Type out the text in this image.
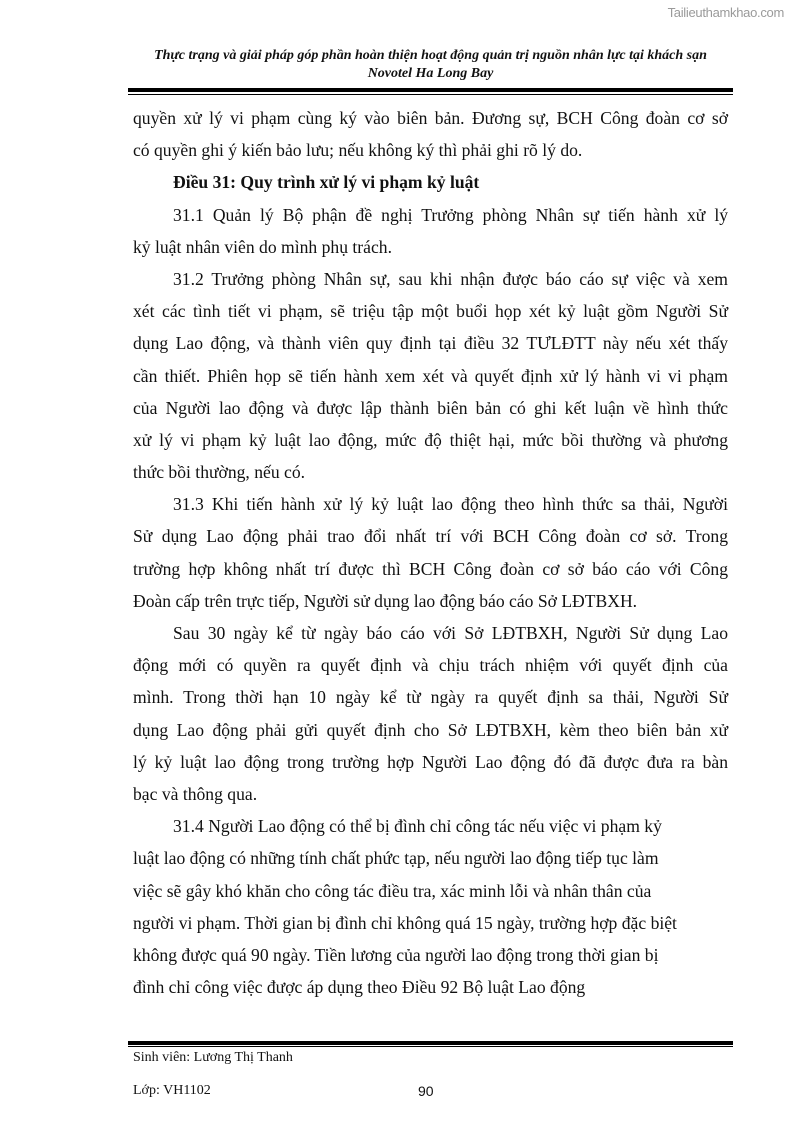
Tailieuthamkhao.com
Thực trạng và giải pháp góp phần hoàn thiện hoạt động quản trị nguồn nhân lực tại khách sạn
Novotel Ha Long Bay
quyền xử lý vi phạm cùng ký vào biên bản. Đương sự, BCH Công đoàn cơ sở
có quyền ghi ý kiến bảo lưu; nếu không ký thì phải ghi rõ lý do.
Điều 31: Quy trình xử lý vi phạm kỷ luật
31.1 Quản lý Bộ phận đề nghị Trưởng phòng Nhân sự tiến hành xử lý
kỷ luật nhân viên do mình phụ trách.
31.2 Trưởng phòng Nhân sự, sau khi nhận được báo cáo sự việc và xem
xét các tình tiết vi phạm, sẽ triệu tập một buổi họp xét kỷ luật gồm Người Sử
dụng Lao động, và thành viên quy định tại điều 32 TƯLĐTT này nếu xét thấy
cần thiết. Phiên họp sẽ tiến hành xem xét và quyết định xử lý hành vi vi phạm
của Người lao động và được lập thành biên bản có ghi kết luận về hình thức
xử lý vi phạm kỷ luật lao động, mức độ thiệt hại, mức bồi thường và phương
thức bồi thường, nếu có.
31.3 Khi tiến hành xử lý kỷ luật lao động theo hình thức sa thải, Người
Sử dụng Lao động phải trao đổi nhất trí với BCH Công đoàn cơ sở. Trong
trường hợp không nhất trí được thì BCH Công đoàn cơ sở báo cáo với Công
Đoàn cấp trên trực tiếp, Người sử dụng lao động báo cáo Sở LĐTBXH.
Sau 30 ngày kể từ ngày báo cáo với Sở LĐTBXH, Người Sử dụng Lao
động mới có quyền ra quyết định và chịu trách nhiệm với quyết định của
mình. Trong thời hạn 10 ngày kể từ ngày ra quyết định sa thải, Người Sử
dụng Lao động phải gửi quyết định cho Sở LĐTBXH, kèm theo biên bản xử
lý kỷ luật lao động trong trường hợp Người Lao động đó đã được đưa ra bàn
bạc và thông qua.
31.4 Người Lao động có thể bị đình chỉ công tác nếu việc vi phạm kỷ
luật lao động có những tính chất phức tạp, nếu người lao động tiếp tục làm
việc sẽ gây khó khăn cho công tác điều tra, xác minh lỗi và nhân thân của
người vi phạm. Thời gian bị đình chỉ không quá 15 ngày, trường hợp đặc biệt
không được quá 90 ngày. Tiền lương của người lao động trong thời gian bị
đình chỉ công việc được áp dụng theo Điều 92 Bộ luật Lao động
Sinh viên: Lương Thị Thanh
Lớp: VH1102	90
